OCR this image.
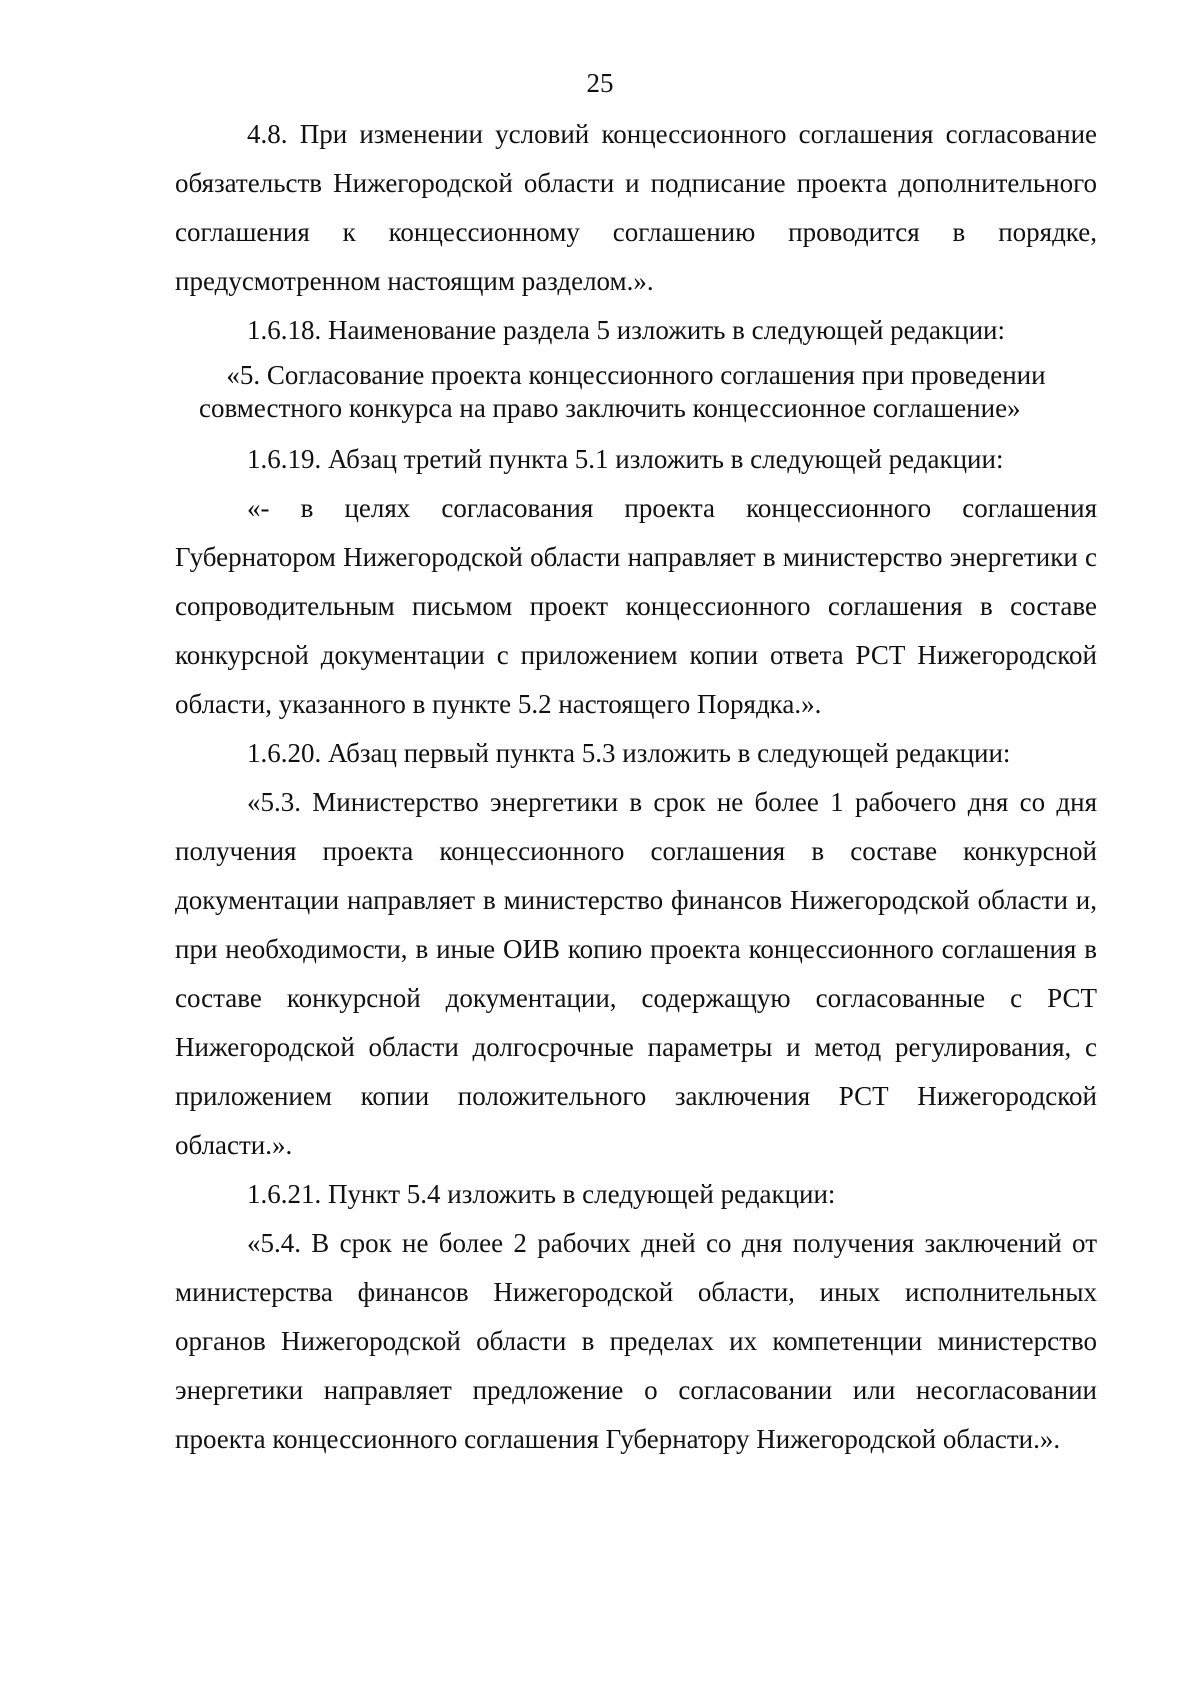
25

4.8. При изменении условий концессионного соглашения согласование обязательств Нижегородской области и подписание проекта дополнительного соглашения к концессионному соглашению проводится в порядке, предусмотренном настоящим разделом.».

1.6.18. Наименование раздела 5 изложить в следующей редакции:

«5. Согласование проекта концессионного соглашения при проведении совместного конкурса на право заключить концессионное соглашение»

1.6.19. Абзац третий пункта 5.1 изложить в следующей редакции:

«- в целях согласования проекта концессионного соглашения Губернатором Нижегородской области направляет в министерство энергетики с сопроводительным письмом проект концессионного соглашения в составе конкурсной документации с приложением копии ответа РСТ Нижегородской области, указанного в пункте 5.2 настоящего Порядка.».

1.6.20. Абзац первый пункта 5.3 изложить в следующей редакции:

«5.3. Министерство энергетики в срок не более 1 рабочего дня со дня получения проекта концессионного соглашения в составе конкурсной документации направляет в министерство финансов Нижегородской области и, при необходимости, в иные ОИВ копию проекта концессионного соглашения в составе конкурсной документации, содержащую согласованные с РСТ Нижегородской области долгосрочные параметры и метод регулирования, с приложением копии положительного заключения РСТ Нижегородской области.».

1.6.21. Пункт 5.4 изложить в следующей редакции:

«5.4. В срок не более 2 рабочих дней со дня получения заключений от министерства финансов Нижегородской области, иных исполнительных органов Нижегородской области в пределах их компетенции министерство энергетики направляет предложение о согласовании или несогласовании проекта концессионного соглашения Губернатору Нижегородской области.».
